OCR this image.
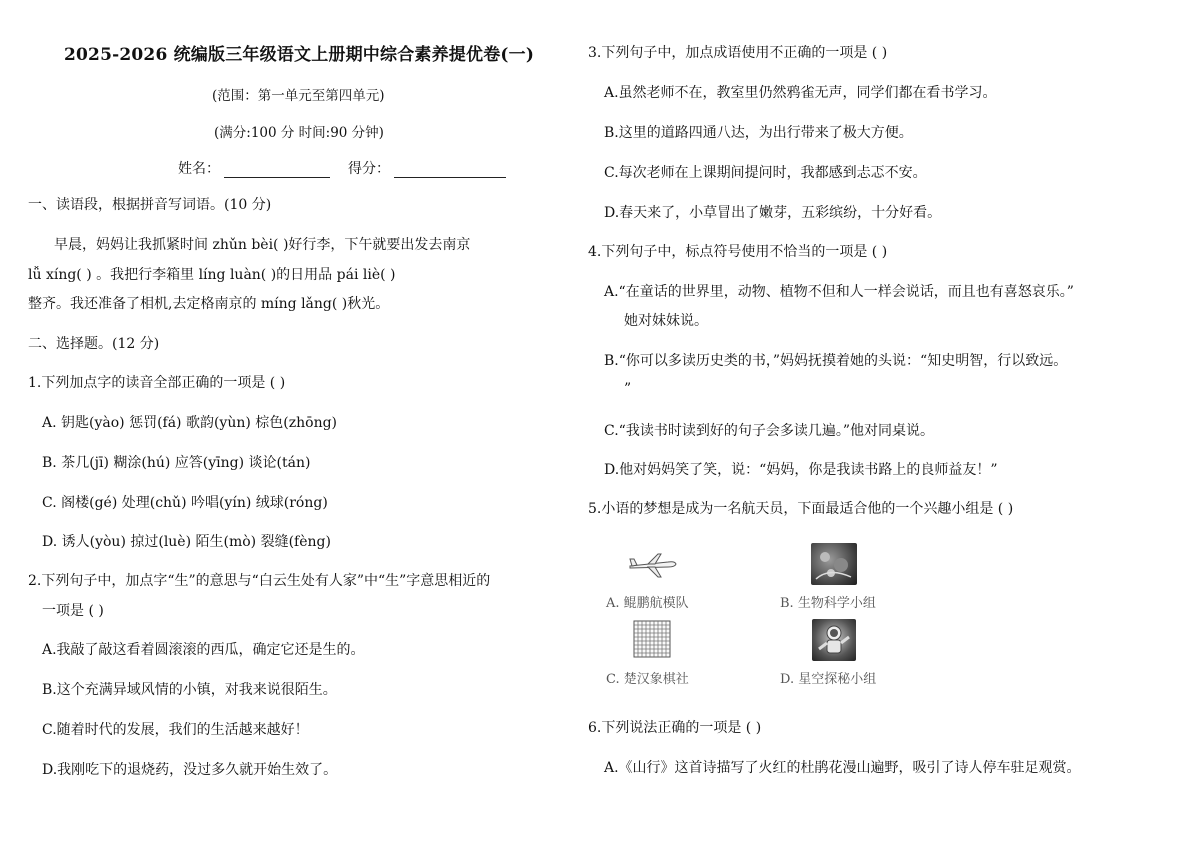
2025-2026 统编版三年级语文上册期中综合素养提优卷(一)
(范围：第一单元至第四单元)
(满分:100 分 时间:90 分钟)
姓名：	得分：
一、读语段，根据拼音写词语。(10 分)
早晨，妈妈让我抓紧时间 zhǔn bèi( )好行李，下午就要出发去南京
lǚ xíng( ) 。我把行李箱里 líng luàn( )的日用品 pái liè( )
整齐。我还准备了相机,去定格南京的 míng lǎng( )秋光。
二、选择题。(12 分)
1.下列加点字的读音全部正确的一项是 ( )
A. 钥匙(yào) 惩罚(fá) 歌韵(yùn) 棕色(zhōng)
B. 茶几(jī) 糊涂(hú) 应答(yīng) 谈论(tán)
C. 阁楼(gé) 处理(chǔ) 吟唱(yín) 绒球(róng)
D. 诱人(yòu) 掠过(luè) 陌生(mò) 裂缝(fèng)
2.下列句子中，加点字“生”的意思与“白云生处有人家”中“生”字意思相近的
一项是 ( )
A.我敲了敲这看着圆滚滚的西瓜，确定它还是生的。
B.这个充满异域风情的小镇，对我来说很陌生。
C.随着时代的发展，我们的生活越来越好！
D.我刚吃下的退烧药，没过多久就开始生效了。
3.下列句子中，加点成语使用不正确的一项是 ( )
A.虽然老师不在，教室里仍然鸦雀无声，同学们都在看书学习。
B.这里的道路四通八达，为出行带来了极大方便。
C.每次老师在上课期间提问时，我都感到忐忑不安。
D.春天来了，小草冒出了嫩芽，五彩缤纷，十分好看。
4.下列句子中，标点符号使用不恰当的一项是 ( )
A.“在童话的世界里，动物、植物不但和人一样会说话，而且也有喜怒哀乐。”
她对妹妹说。
B.“你可以多读历史类的书，”妈妈抚摸着她的头说：“知史明智，行以致远。
”
C.“我读书时读到好的句子会多读几遍。”他对同桌说。
D.他对妈妈笑了笑，说：“妈妈，你是我读书路上的良师益友！”
5.小语的梦想是成为一名航天员，下面最适合他的一个兴趣小组是 ( )
A. 鲲鹏航模队	B. 生物科学小组
C. 楚汉象棋社	D. 星空探秘小组
6.下列说法正确的一项是 ( )
A.《山行》这首诗描写了火红的杜鹃花漫山遍野，吸引了诗人停车驻足观赏。
